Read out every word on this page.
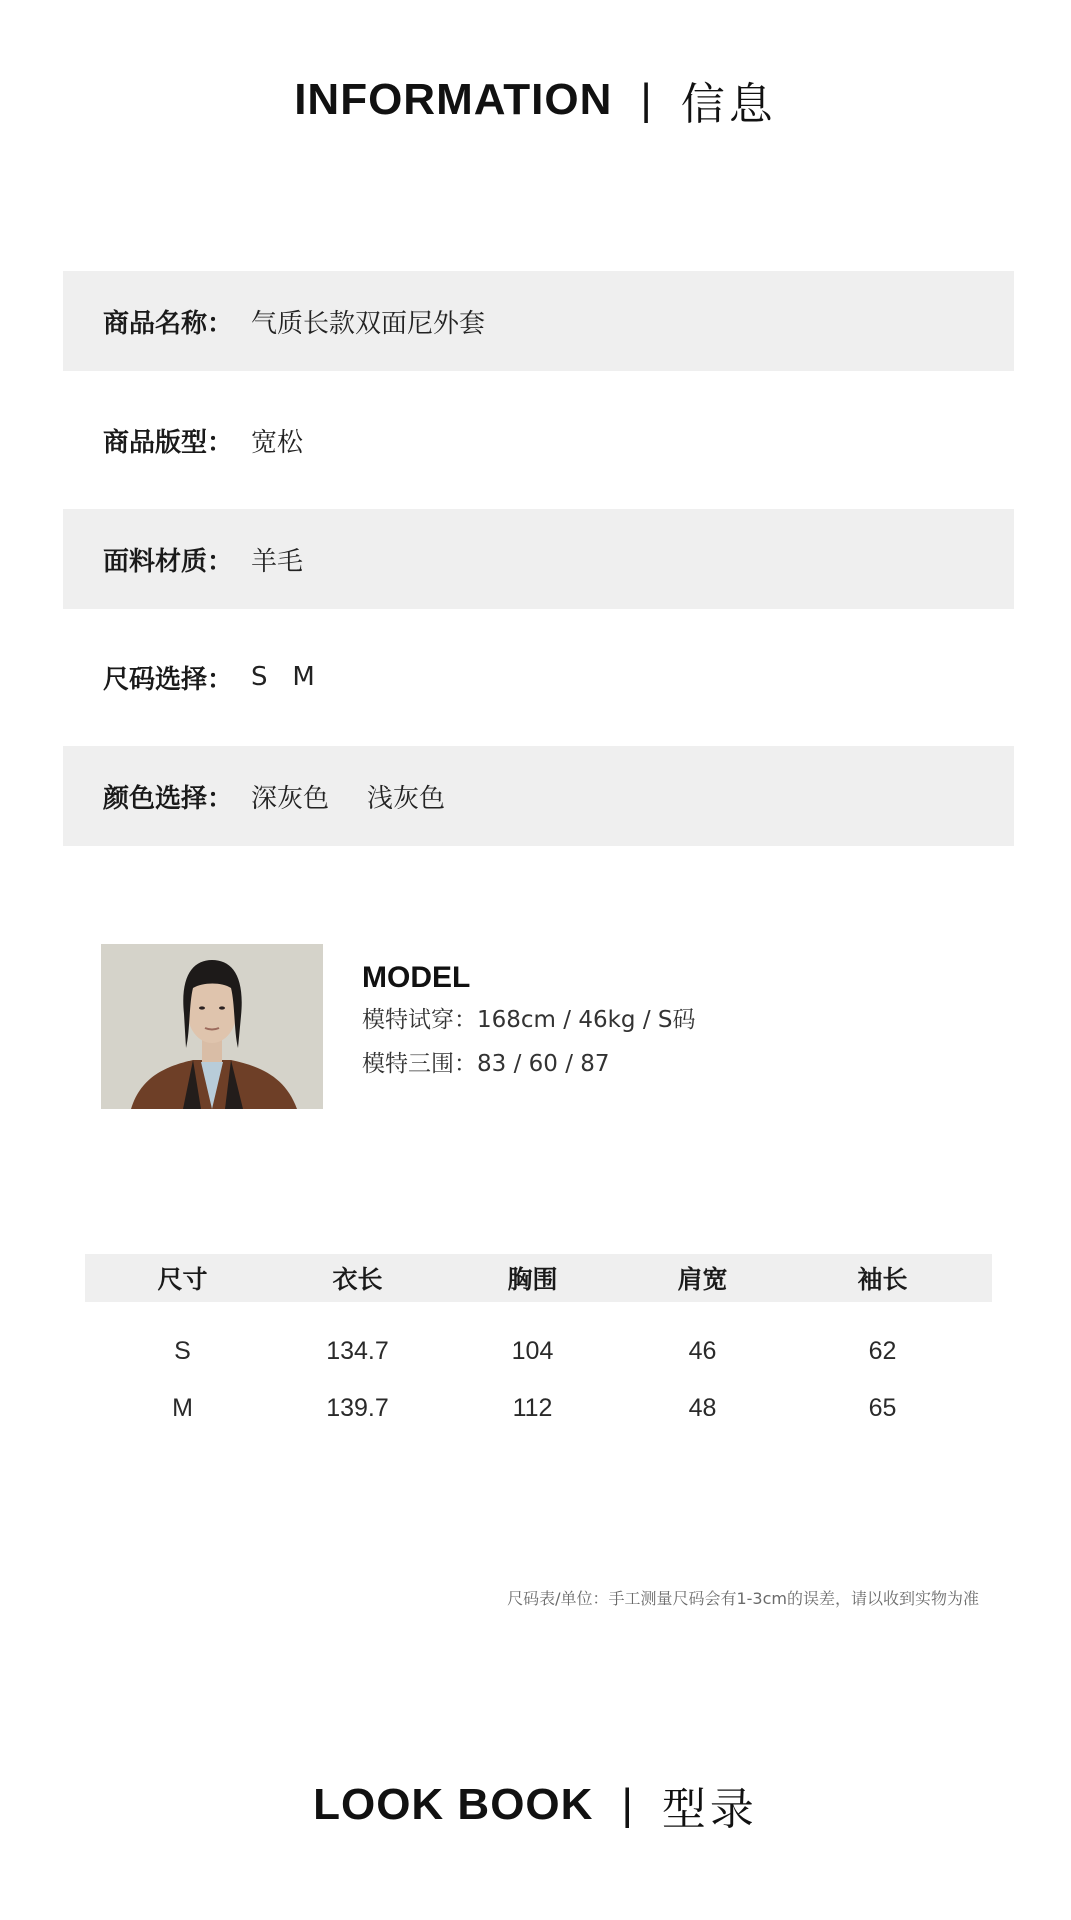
INFORMATION | 信息
商品名称： 气质长款双面尼外套
商品版型： 宽松
面料材质： 羊毛
尺码选择： S   M
颜色选择： 深灰色 浅灰色
MODEL
模特试穿：168cm / 46kg / S码
模特三围：83 / 60 / 87
尺寸	衣长	胸围	肩宽	袖长
S	134.7	104	46	62
M	139.7	112	48	65
尺码表/单位：手工测量尺码会有1-3cm的误差，请以收到实物为准
LOOK BOOK | 型录
